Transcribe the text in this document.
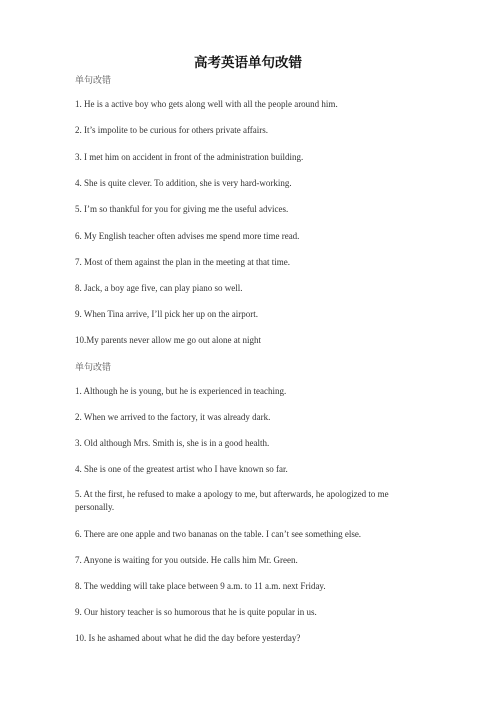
高考英语单句改错
单句改错
1. He is a active boy who gets along well with all the people around him.
2. It’s impolite to be curious for others private affairs.
3. I met him on accident in front of the administration building.
4. She is quite clever. To addition, she is very hard-working.
5. I’m so thankful for you for giving me the useful advices.
6. My English teacher often advises me spend more time read.
7. Most of them against the plan in the meeting at that time.
8. Jack, a boy age five, can play piano so well.
9. When Tina arrive, I’ll pick her up on the airport.
10.My parents never allow me go out alone at night
单句改错
1. Although he is young, but he is experienced in teaching.
2. When we arrived to the factory, it was already dark.
3. Old although Mrs. Smith is, she is in a good health.
4. She is one of the greatest artist who I have known so far.
5. At the first, he refused to make a apology to me, but afterwards, he apologized to me personally.
6. There are one apple and two bananas on the table. I can’t see something else.
7. Anyone is waiting for you outside. He calls him Mr. Green.
8. The wedding will take place between 9 a.m. to 11 a.m. next Friday.
9. Our history teacher is so humorous that he is quite popular in us.
10. Is he ashamed about what he did the day before yesterday?
